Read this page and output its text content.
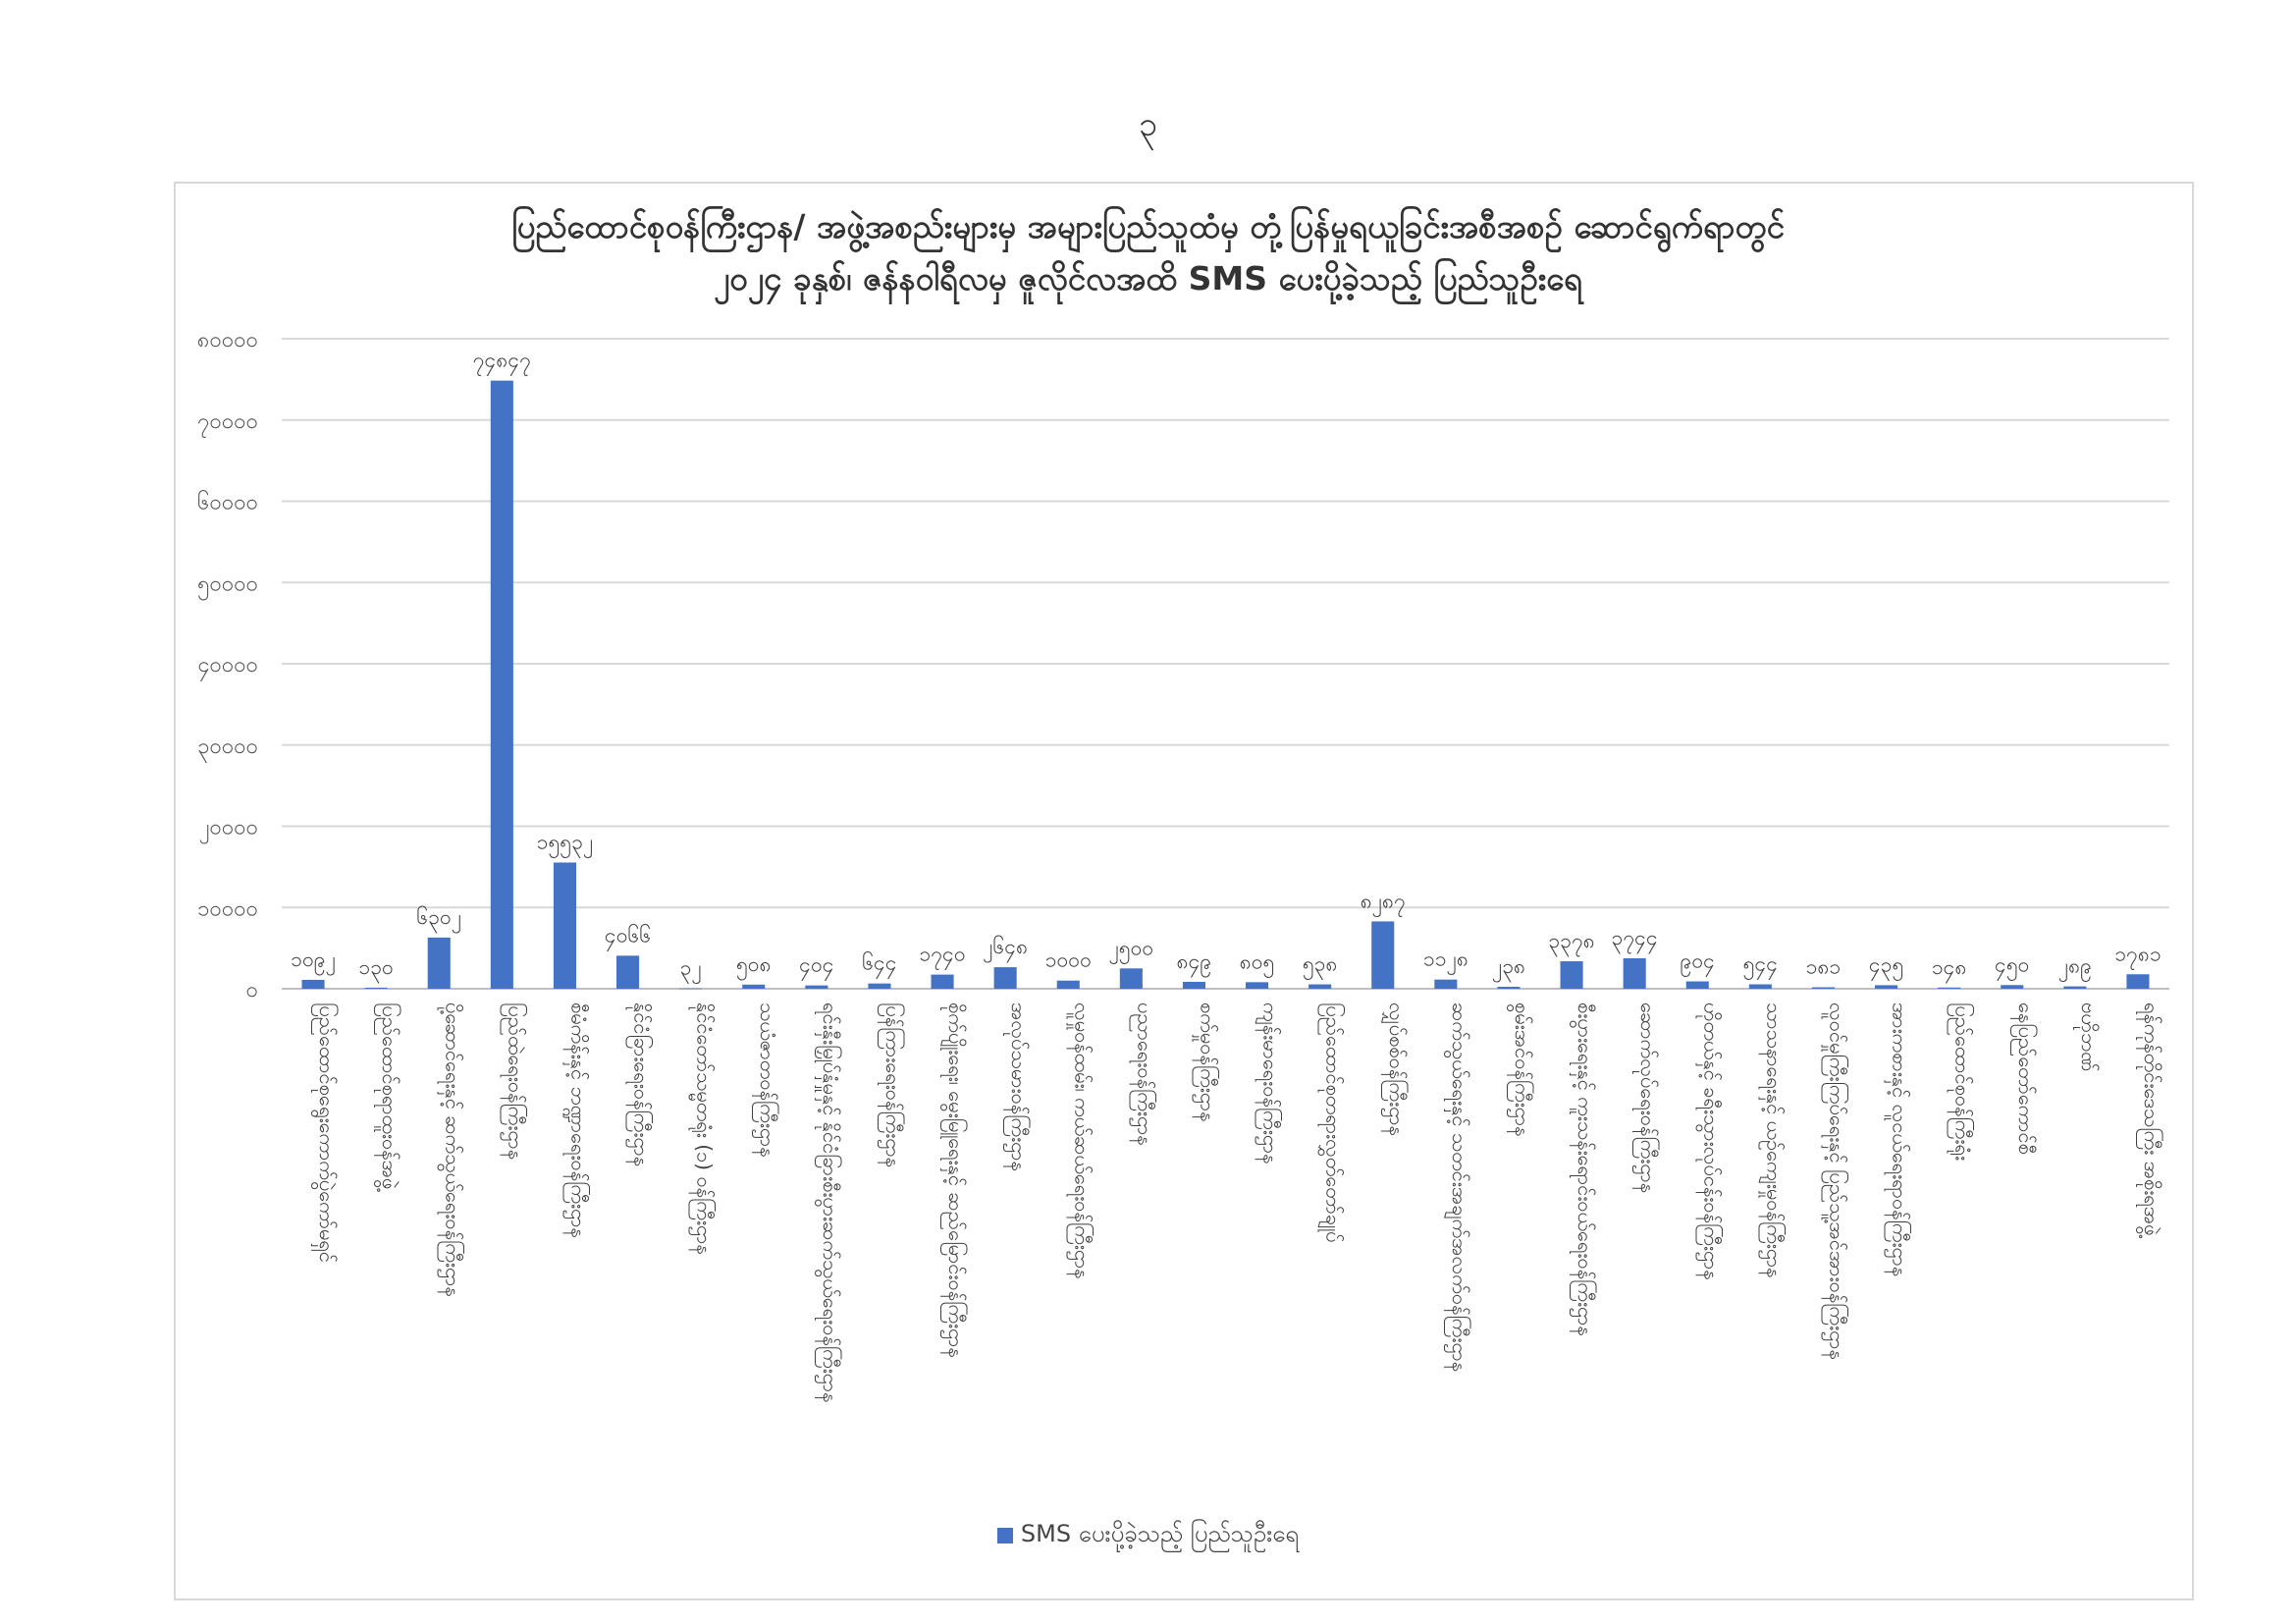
၃
ပြည်ထောင်စုဝန်ကြီးဌာန/ အဖွဲ့အစည်းများမှ အများပြည်သူထံမှ တုံ့ပြန်မှုရယူခြင်းအစီအစဉ် ဆောင်ရွက်ရာတွင်
၂၀၂၄ ခုနှစ်၊ ဇန်နဝါရီလမှ ဇူလိုင်လအထိ SMS ပေးပို့ခဲ့သည့် ပြည်သူဦးရေ
၀
၁၀၀၀၀
၂၀၀၀၀
၃၀၀၀၀
၄၀၀၀၀
၅၀၀၀၀
၆၀၀၀၀
၇၀၀၀၀
၈၀၀၀၀
၁၀၉၂ ၁၃၀
၆၃၀၂
၇၄၈၄၇
၁၅၅၃၂
၄၀၆၆
၃၂ ၅၀၈ ၄၀၄ ၆၄၄ ၁၇၄၀ ၂၆၄၈
၁၀၀၀
၂၅၀၀
၈၄၉ ၈၀၅ ၅၃၈
၈၂၈၇
၁၁၂၈ ၂၃၈
၃၃၇၈ ၃၇၄၄
၉၀၄ ၅၄၄ ၁၈၁ ၄၃၅ ၁၄၈ ၄၅၀ ၂၈၉
၁၇၈၁
ပြည်ထောင်စုရွေးကောက်ပွဲကော်မရှင် ပြည်ထောင်စုရာထူးဝန်အဖွဲ့ ပို့ဆောင်ရေးနှင့် ဆက်သွယ်ရေးဝန်ကြီးဌာန ပြည်ထဲရေးဝန်ကြီးဌာန စီမံကိန်းနှင့် ဘဏ္ဍာရေးဝန်ကြီးဌာန နိုင်ငံခြားရေးဝန်ကြီးဌာန နိုင်ငံတော်သမ္မတရုံး (၁) ဝန်ကြီးဌာန သယံဇာတဝန်ကြီးဌာန ရင်းနှီးမြှုပ်နှံမှုနှင့် နိုင်ငံခြားစီးပွားဆက်သွယ်ရေးဝန်ကြီးဌာန ပြန်ကြားရေးဝန်ကြီးဌာန စိုက်ပျိုးရေး၊ မွေးမြူရေးနှင့် ဆည်မြောင်းဝန်ကြီးဌာန အလုပ်သမားဝန်ကြီးဌာန လူမှုဝန်ထမ်း၊ ကယ်ဆယ်ရေးဝန်ကြီးဌာန ပညာရေးဝန်ကြီးဌာန စက်မှုဝန်ကြီးဌာန ကျန်းမာရေးဝန်ကြီးဌာန ပြည်ထောင်စုတရားလွှတ်တော်ချုပ် လျှပ်စစ်ဝန်ကြီးဌာန ဆက်သွယ်ရေးနှင့် သတင်းအချက်အလက်ဝန်ကြီးဌာန စွမ်းအင်ဝန်ကြီးဌာန စီးပွားရေးနှင့် ကူးသန်းရောင်းဝယ်ရေးဝန်ကြီးဌာန ဆောက်လုပ်ရေးဝန်ကြီးဌာန ဟိုတယ်နှင့် ခရီးသွားလုပ်ငန်းဝန်ကြီးဌာန သာသနာရေးနှင့် ယဉ်ကျေးမှုဝန်ကြီးဌာန လူဝင်မှုကြီးကြပ်ရေးနှင့် ပြည်သူ့အင်အားဝန်ကြီးဌာန အားကစားနှင့် လူငယ်ရေးရာဝန်ကြီးဌာန ပြည်ထောင်စုဝန်ကြီးရုံး နေပြည်တော်ကောင်စီ ဗဟိုဘဏ် ရန်ကုန်တိုင်းဒေသကြီး အစိုးရအဖွဲ့
SMS ပေးပို့ခဲ့သည့် ပြည်သူဦးရေ
